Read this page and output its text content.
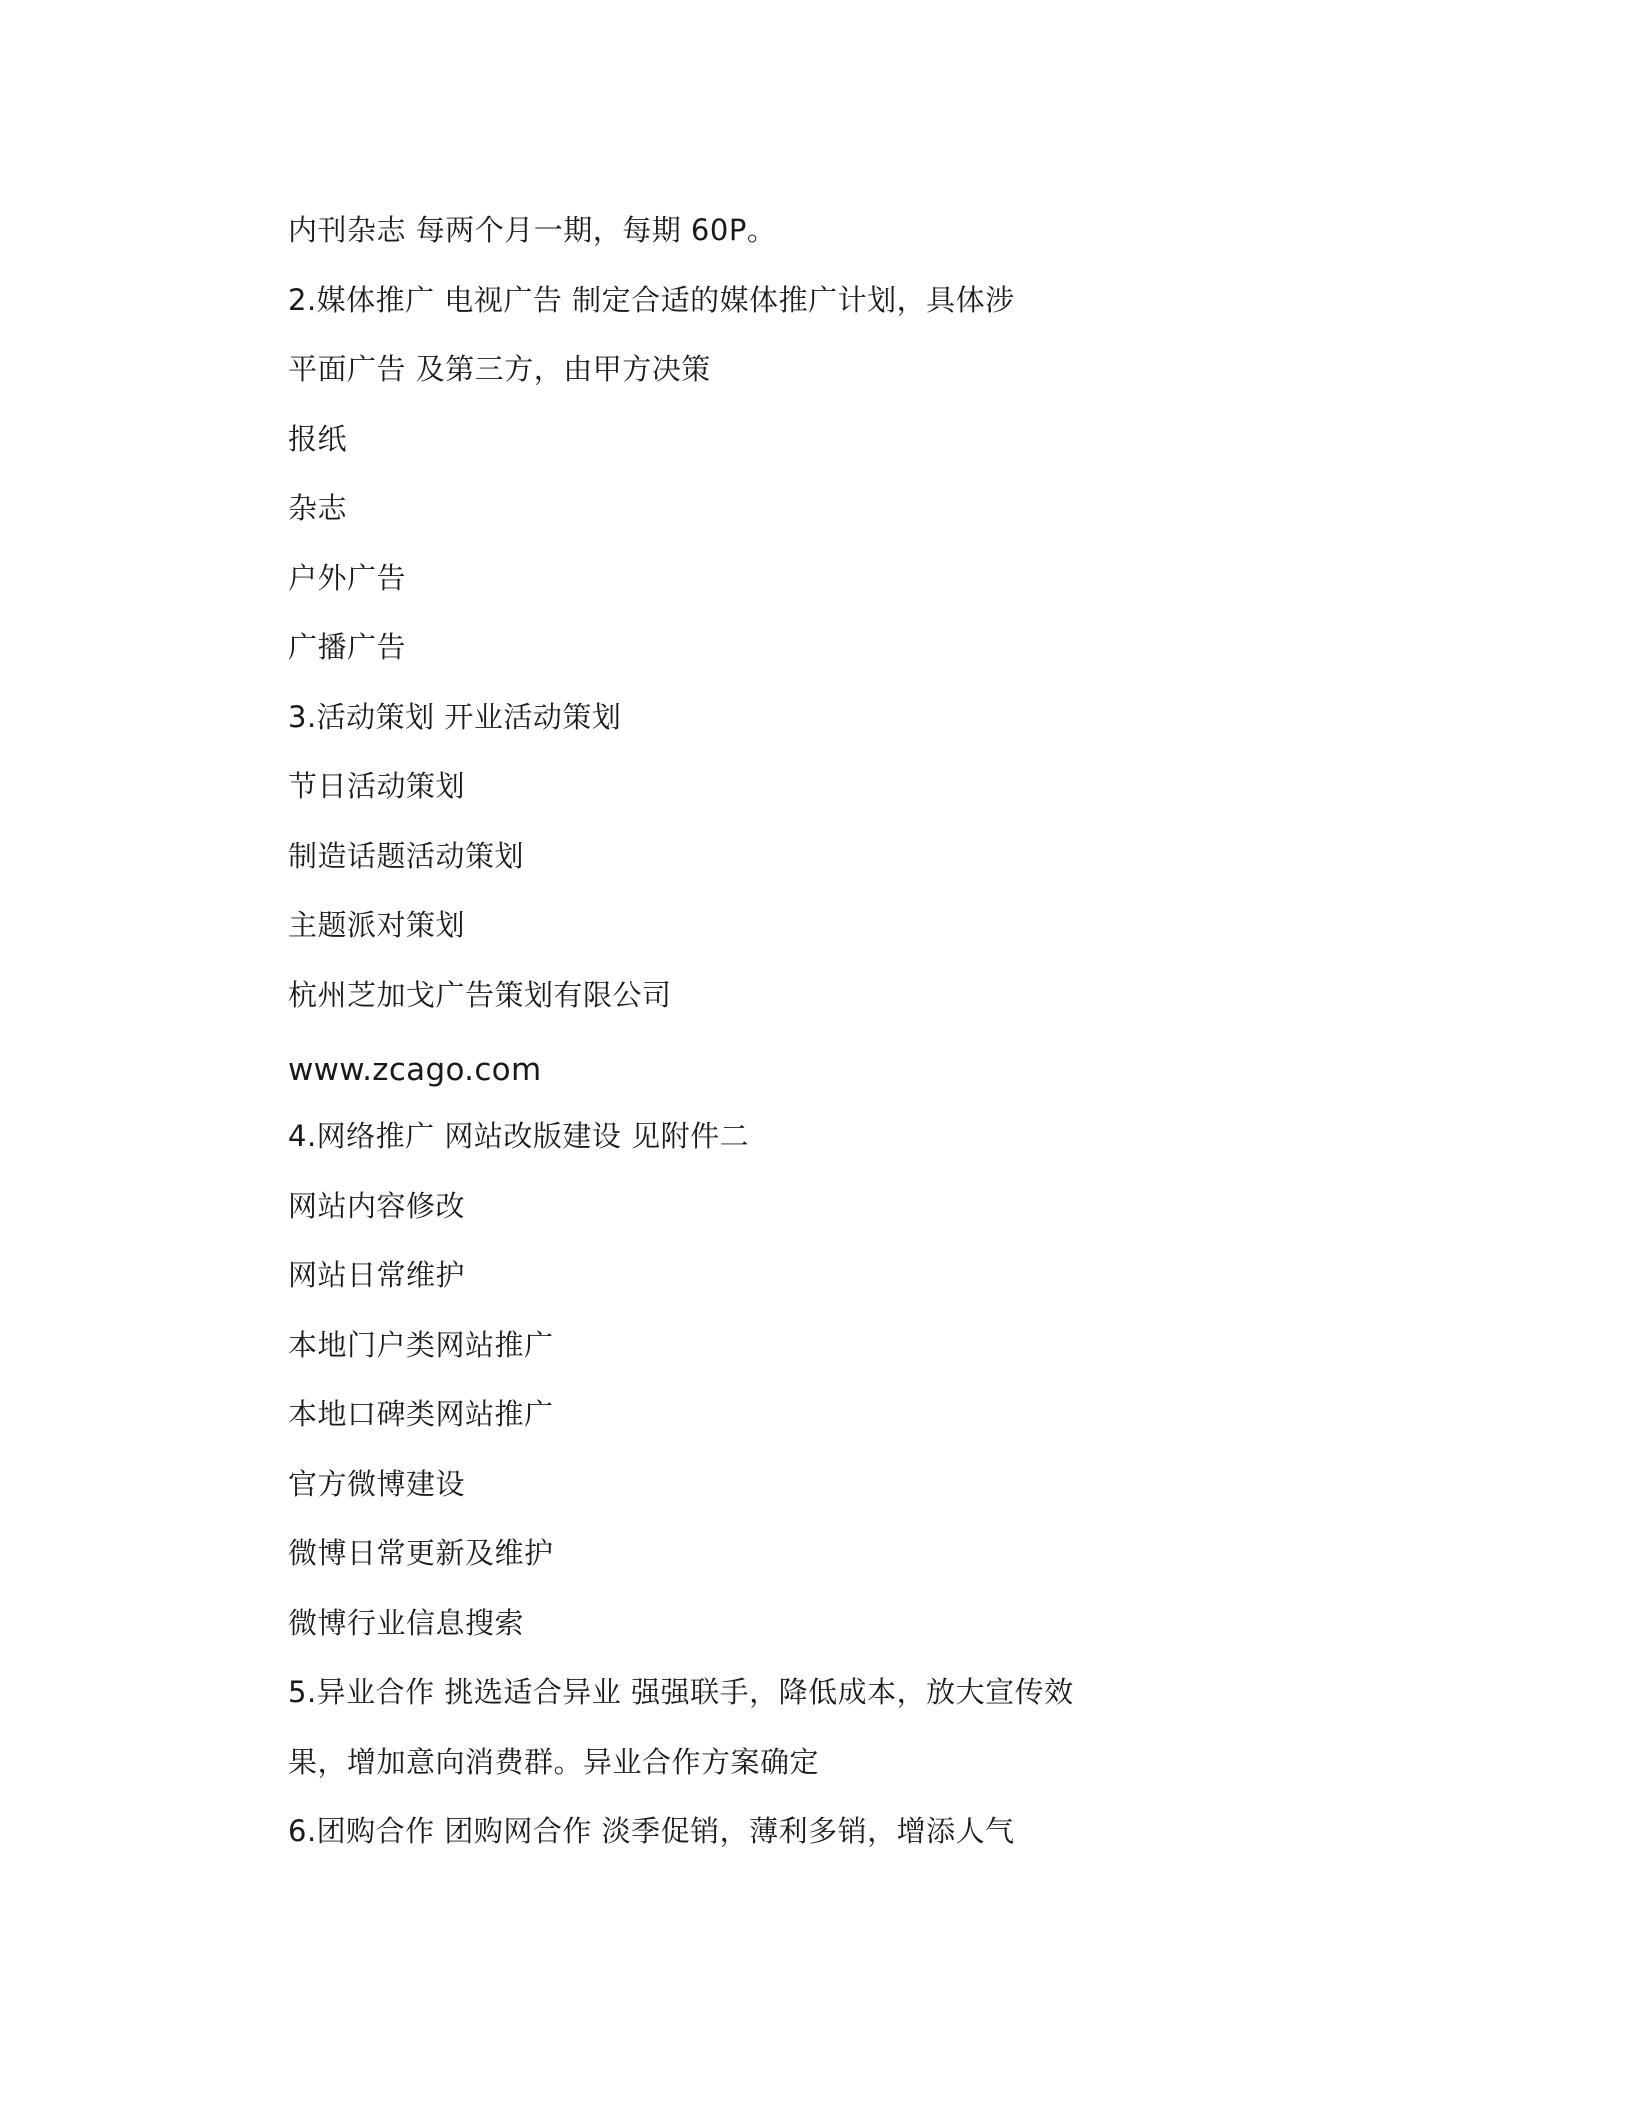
内刊杂志 每两个月一期，每期 60P。
2.媒体推广 电视广告 制定合适的媒体推广计划，具体涉
平面广告 及第三方，由甲方决策
报纸
杂志
户外广告
广播广告
3.活动策划 开业活动策划
节日活动策划
制造话题活动策划
主题派对策划
杭州芝加戈广告策划有限公司
www.zcago.com
4.网络推广 网站改版建设 见附件二
网站内容修改
网站日常维护
本地门户类网站推广
本地口碑类网站推广
官方微博建设
微博日常更新及维护
微博行业信息搜索
5.异业合作 挑选适合异业 强强联手，降低成本，放大宣传效
果，增加意向消费群。异业合作方案确定
6.团购合作 团购网合作 淡季促销，薄利多销，增添人气
